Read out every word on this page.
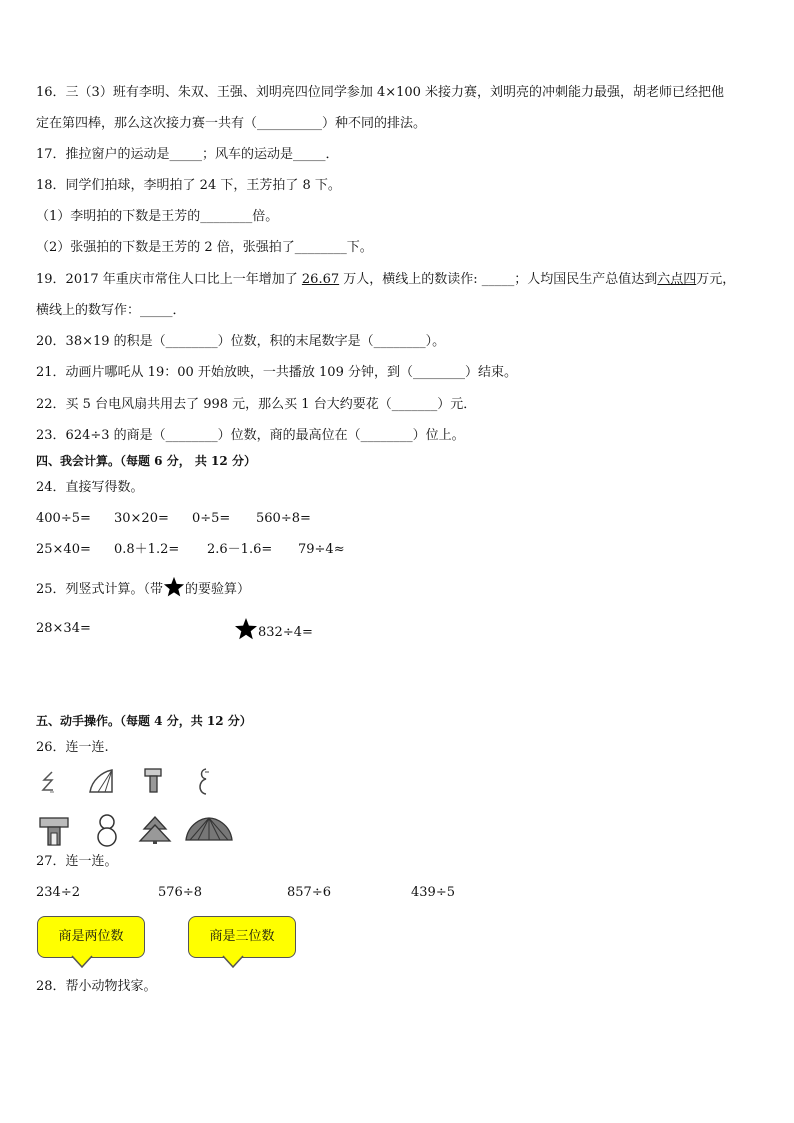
16．三（3）班有李明、朱双、王强、刘明亮四位同学参加 4×100 米接力赛，刘明亮的冲刺能力最强，胡老师已经把他
定在第四棒，那么这次接力赛一共有（__________）种不同的排法。
17．推拉窗户的运动是_____；风车的运动是_____．
18．同学们拍球，李明拍了 24 下，王芳拍了 8 下。
（1）李明拍的下数是王芳的________倍。
（2）张强拍的下数是王芳的 2 倍，张强拍了________下。
19．2017 年重庆市常住人口比上一年增加了 26.67 万人，横线上的数读作: _____；人均国民生产总值达到六点四万元，
横线上的数写作：_____．
20．38×19 的积是（________）位数，积的末尾数字是（________）。
21．动画片哪吒从 19：00 开始放映，一共播放 109 分钟，到（________）结束。
22．买 5 台电风扇共用去了 998 元，那么买 1 台大约要花（_______）元．
23．624÷3 的商是（________）位数，商的最高位在（________）位上。
四、我会计算。（每题 6 分， 共 12 分）
24．直接写得数。
400÷5= 30×20= 0÷5= 560÷8=
25×40= 0.8＋1.2= 2.6－1.6= 79÷4≈
25．列竖式计算。（带 的要验算）
28×34=	832÷4=
五、动手操作。（每题 4 分，共 12 分）
26．连一连.
27．连一连。
234÷2	576÷8	857÷6	439÷5
商是两位数	商是三位数
28．帮小动物找家。
